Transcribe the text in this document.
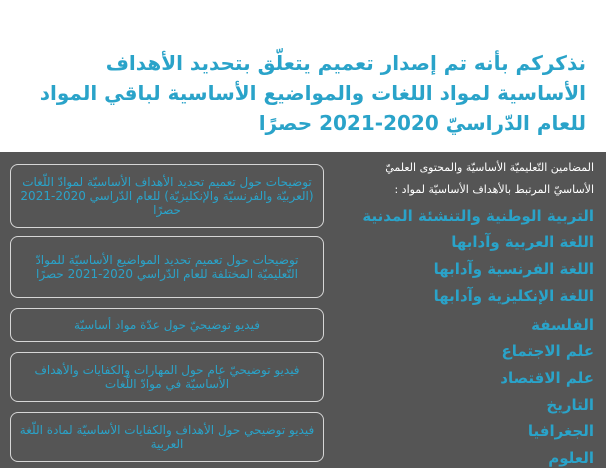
نذكركم بأنه تم إصدار تعميم يتعلّق بتحديد الأهداف
الأساسية لمواد اللغات والمواضيع الأساسية لباقي المواد
للعام الدّراسيّ 2020-2021 حصرًا
المضامين التّعليميّة الأساسيّة والمحتوى العلميّ
الأساسيّ المرتبط بالأهداف الأساسيّة لمواد :
التربية الوطنية والتنشئة المدنية
اللغة العربية وآدابها
اللغة الفرنسية وآدابها
اللغة الإنكليزية وآدابها
الفلسفة
علم الاجتماع
علم الاقتصاد
التاريخ
الجغرافيا
العلوم
توضيحات حول تعميم تحديد الأهداف الأساسيّة لموادّ اللّغات (العربيّة والفرنسيّة والإنكليزيّة) للعام الدّراسي 2020-2021 حصرًا
توضيحات حول تعميم تحديد المواضيع الأساسيّة للموادّ التّعليميّة المختلفة للعام الدّراسي 2020-2021 حصرًا
فيديو توضيحيّ حول عدّة مواد أساسيّة
فيديو توضيحيّ عام حول المهارات والكفايات والأهداف الأساسيّة في موادّ اللّغات
فيديو توضيحي حول الأهداف والكفايات الأساسيّة لمادة اللّغة العربية
